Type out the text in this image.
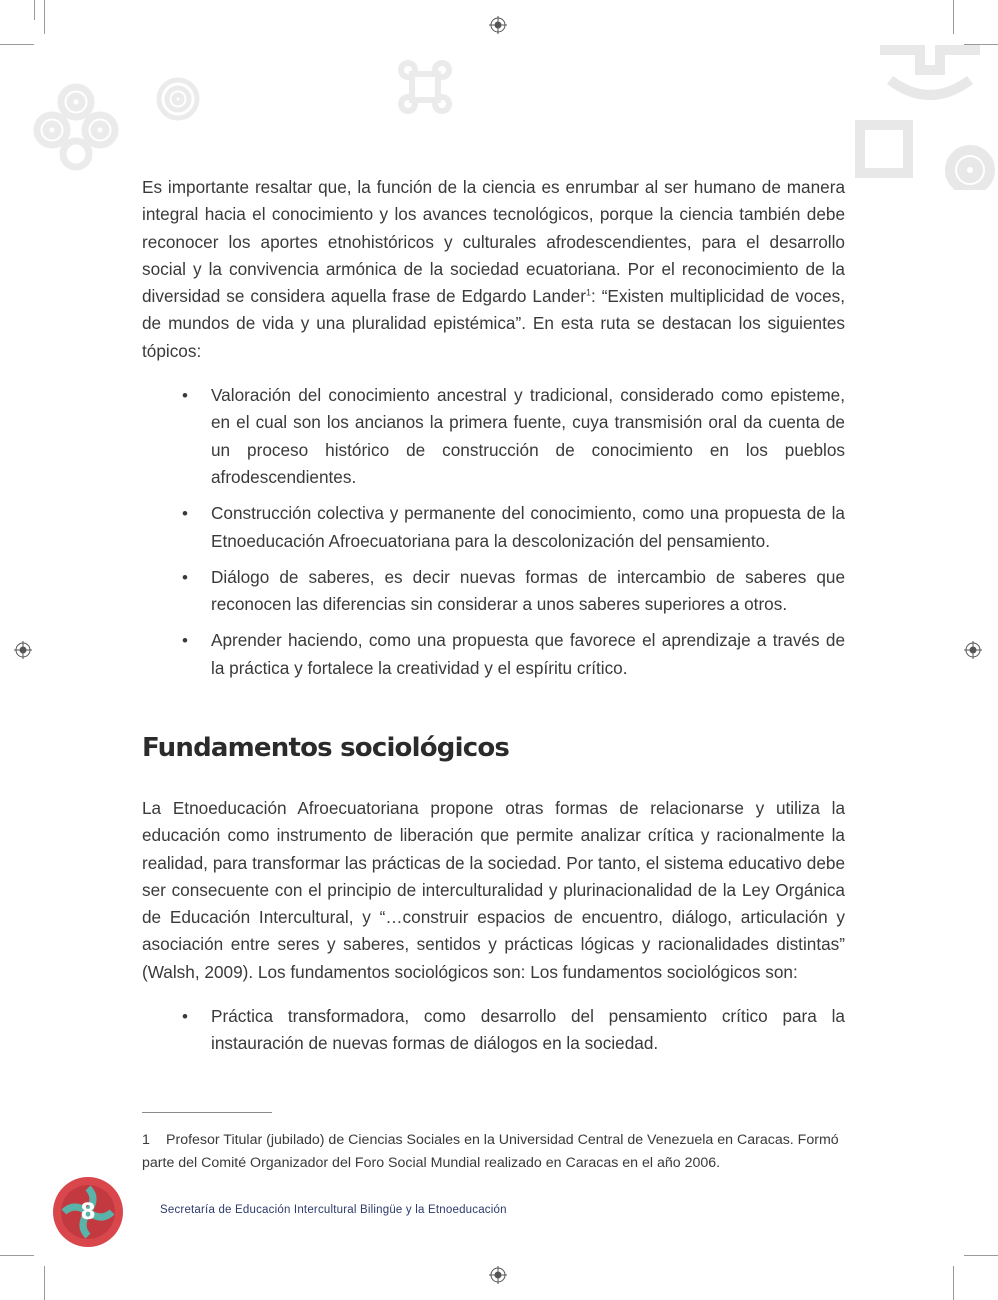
Es importante resaltar que, la función de la ciencia es enrumbar al ser humano de manera integral hacia el conocimiento y los avances tecnológicos, porque la ciencia también debe reconocer los aportes etnohistóricos y culturales afrodescendientes, para el desarrollo social y la convivencia armónica de la sociedad ecuatoriana. Por el reconocimiento de la diversidad se considera aquella frase de Edgardo Lander$^1$: “Existen multiplicidad de voces, de mundos de vida y una pluralidad epistémica”. En esta ruta se destacan los siguientes tópicos:

• Valoración del conocimiento ancestral y tradicional, considerado como episteme, en el cual son los ancianos la primera fuente, cuya transmisión oral da cuenta de un proceso histórico de construcción de conocimiento en los pueblos afrodescendientes.
• Construcción colectiva y permanente del conocimiento, como una propuesta de la Etnoeducación Afroecuatoriana para la descolonización del pensamiento.
• Diálogo de saberes, es decir nuevas formas de intercambio de saberes que reconocen las diferencias sin considerar a unos saberes superiores a otros.
• Aprender haciendo, como una propuesta que favorece el aprendizaje a través de la práctica y fortalece la creatividad y el espíritu crítico.
Fundamentos sociológicos

La Etnoeducación Afroecuatoriana propone otras formas de relacionarse y utiliza la educación como instrumento de liberación que permite analizar crítica y racionalmente la realidad, para transformar las prácticas de la sociedad. Por tanto, el sistema educativo debe ser consecuente con el principio de interculturalidad y plurinacionalidad de la Ley Orgánica de Educación Intercultural, y “…construir espacios de encuentro, diálogo, articulación y asociación entre seres y saberes, sentidos y prácticas lógicas y racionalidades distintas” (Walsh, 2009). Los fundamentos sociológicos son: Los fundamentos sociológicos son:

• Práctica transformadora, como desarrollo del pensamiento crítico para la instauración de nuevas formas de diálogos en la sociedad.

1 Profesor Titular (jubilado) de Ciencias Sociales en la Universidad Central de Venezuela en Caracas. Formó parte del Comité Organizador del Foro Social Mundial realizado en Caracas en el año 2006.

8	Secretaría de Educación Intercultural Bilingüe y la Etnoeducación
